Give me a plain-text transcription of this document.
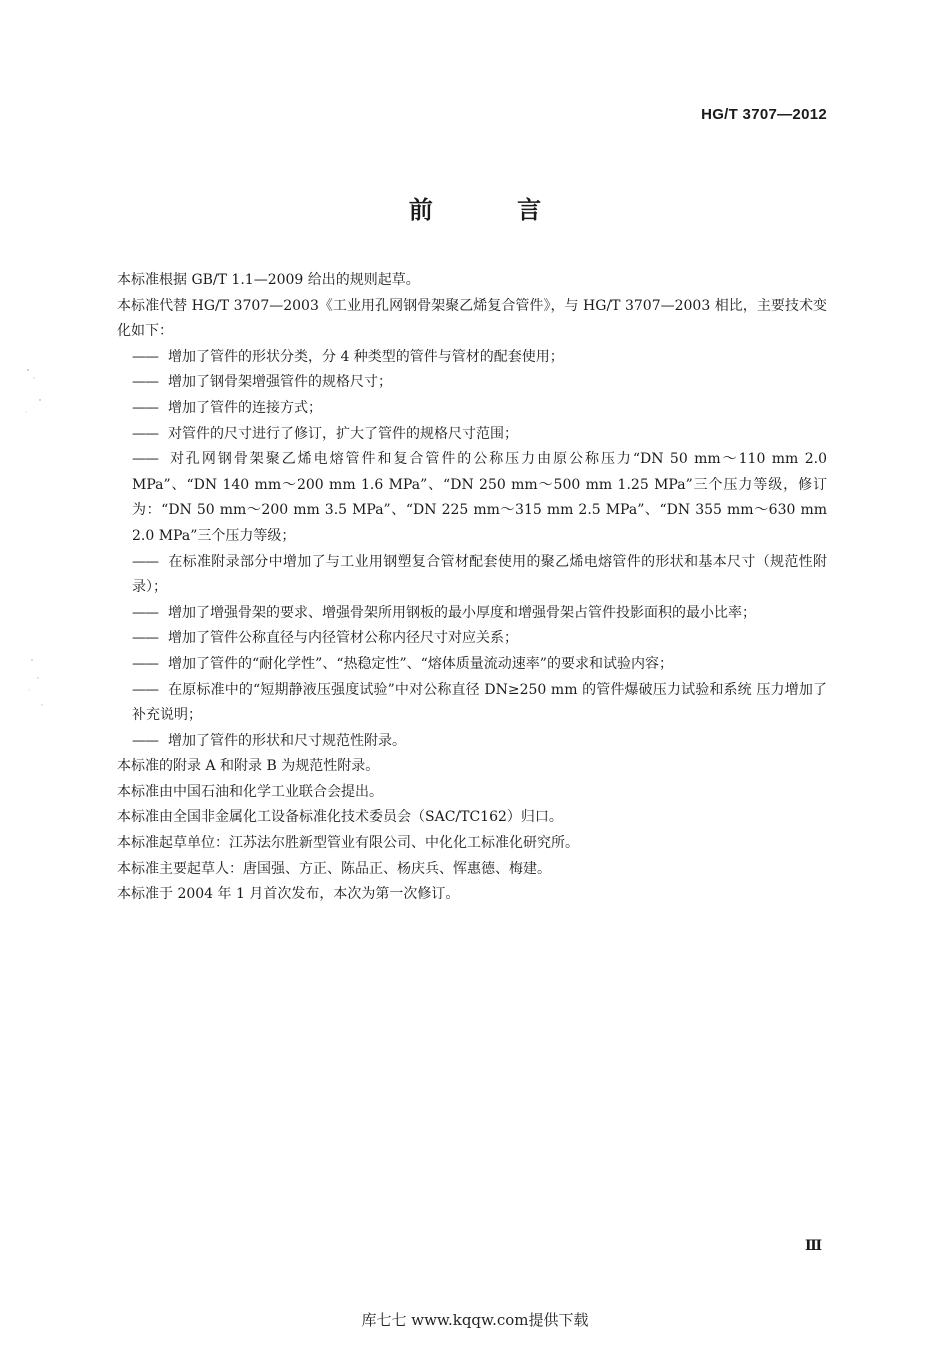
HG/T 3707—2012
前 言

本标准根据 GB/T 1.1—2009 给出的规则起草。

本标准代替 HG/T 3707—2003《工业用孔网钢骨架聚乙烯复合管件》，与 HG/T 3707—2003 相比，主要技术变化如下：

—— 增加了管件的形状分类，分 4 种类型的管件与管材的配套使用；

—— 增加了钢骨架增强管件的规格尺寸；

—— 增加了管件的连接方式；

—— 对管件的尺寸进行了修订，扩大了管件的规格尺寸范围；

—— 对孔网钢骨架聚乙烯电熔管件和复合管件的公称压力由原公称压力“DN 50 mm～110 mm 2.0 MPa”、“DN 140 mm～200 mm 1.6 MPa”、“DN 250 mm～500 mm 1.25 MPa”三个压力等级，修订为：“DN 50 mm～200 mm 3.5 MPa”、“DN 225 mm～315 mm 2.5 MPa”、“DN 355 mm～630 mm 2.0 MPa”三个压力等级；

—— 在标准附录部分中增加了与工业用钢塑复合管材配套使用的聚乙烯电熔管件的形状和基本尺寸（规范性附录）；

—— 增加了增强骨架的要求、增强骨架所用钢板的最小厚度和增强骨架占管件投影面积的最小比率；

—— 增加了管件公称直径与内径管材公称内径尺寸对应关系；

—— 增加了管件的“耐化学性”、“热稳定性”、“熔体质量流动速率”的要求和试验内容；

—— 在原标准中的“短期静液压强度试验”中对公称直径 DN≥250 mm 的管件爆破压力试验和系统 压力增加了补充说明；

—— 增加了管件的形状和尺寸规范性附录。

本标准的附录 A 和附录 B 为规范性附录。

本标准由中国石油和化学工业联合会提出。

本标准由全国非金属化工设备标准化技术委员会（SAC/TC162）归口。

本标准起草单位：江苏法尔胜新型管业有限公司、中化化工标准化研究所。

本标准主要起草人：唐国强、方正、陈品正、杨庆兵、恽惠德、梅建。

本标准于 2004 年 1 月首次发布，本次为第一次修订。

Ⅲ
库七七 www.kqqw.com提供下载
